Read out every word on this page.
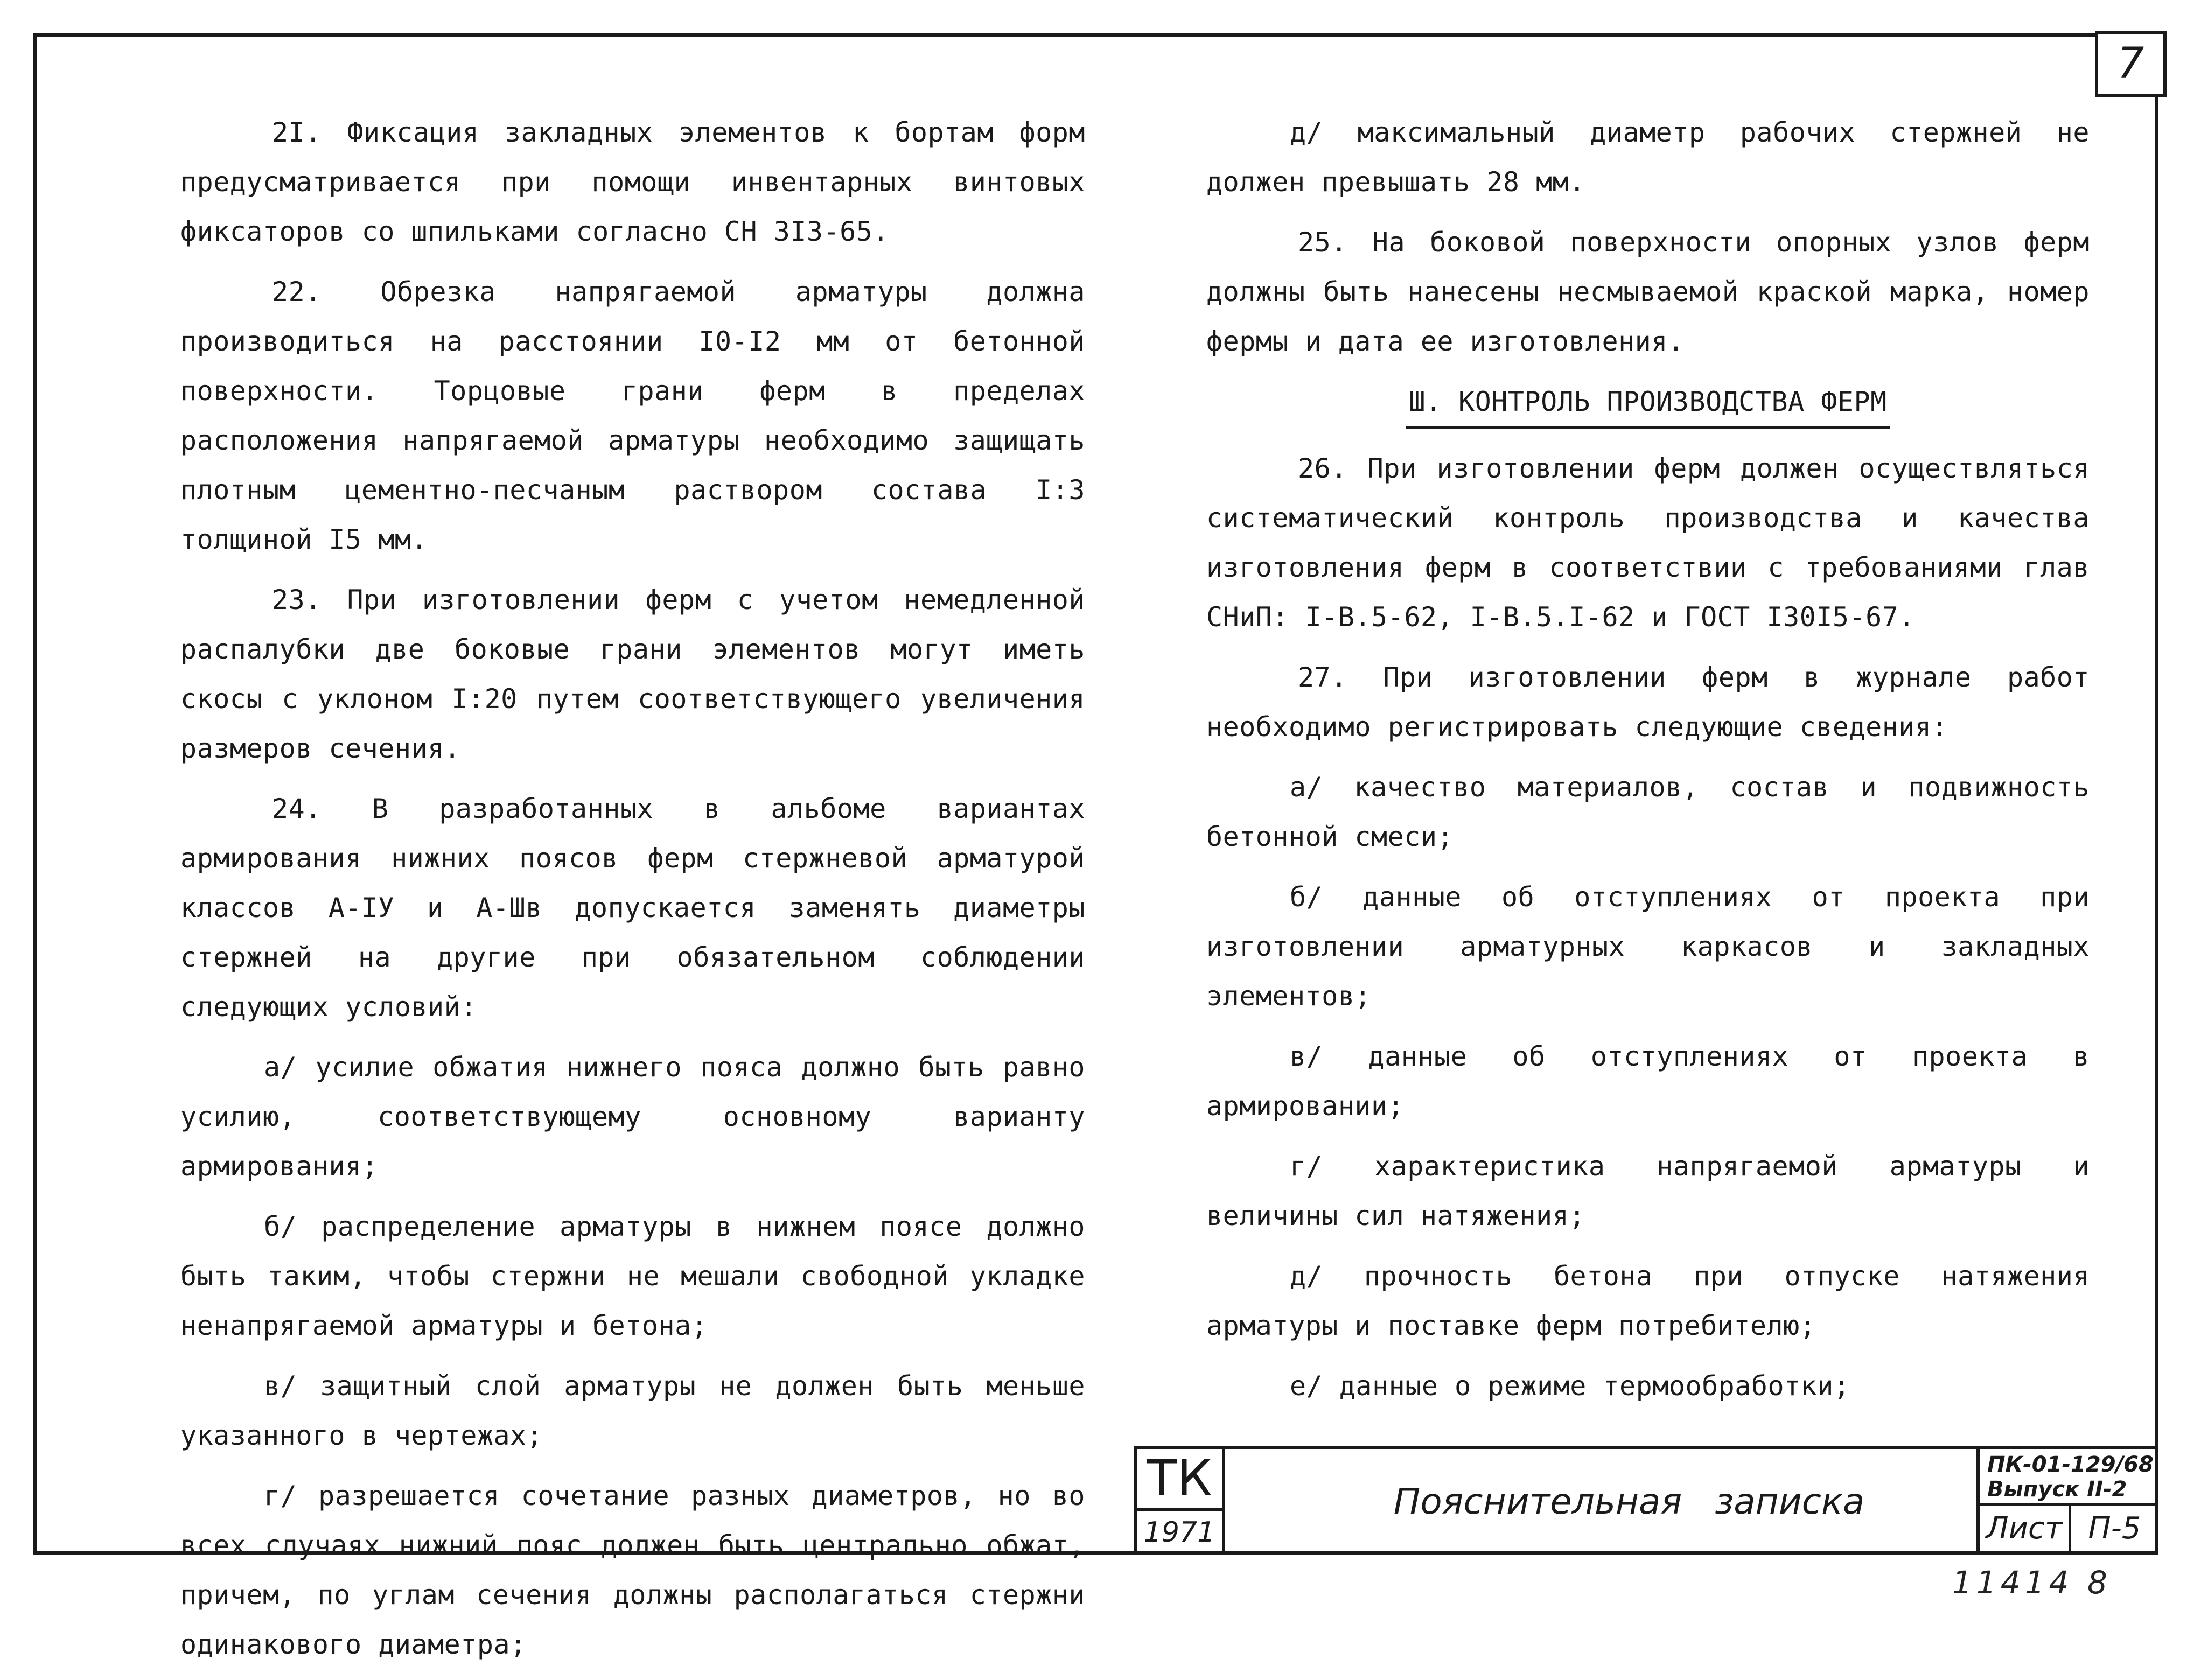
7

2I. Фиксация закладных элементов к бортам форм предусматривается при помощи инвентарных винтовых фиксаторов со шпильками согласно СН 3I3-65.

22. Обрезка напрягаемой арматуры должна производиться на расстоянии I0-I2 мм от бетонной поверхности. Торцовые грани ферм в пределах расположения напрягаемой арматуры необходимо защищать плотным цементно-песчаным раствором состава I:3 толщиной I5 мм.

23. При изготовлении ферм с учетом немедленной распалубки две боковые грани элементов могут иметь скосы с уклоном I:20 путем соответствующего увеличения размеров сечения.

24. В разработанных в альбоме вариантах армирования нижних поясов ферм стержневой арматурой классов А-IУ и А-Шв допускается заменять диаметры стержней на другие при обязательном соблюдении следующих условий:

а/ усилие обжатия нижнего пояса должно быть равно усилию, соответствующему основному варианту армирования;

б/ распределение арматуры в нижнем поясе должно быть таким, чтобы стержни не мешали свободной укладке ненапрягаемой арматуры и бетона;

в/ защитный слой арматуры не должен быть меньше указанного в чертежах;

г/ разрешается сочетание разных диаметров, но во всех случаях нижний пояс должен быть центрально обжат, причем, по углам сечения должны располагаться стержни одинакового диаметра;

д/ максимальный диаметр рабочих стержней не должен превышать 28 мм.

25. На боковой поверхности опорных узлов ферм должны быть нанесены несмываемой краской марка, номер фермы и дата ее изготовления.

Ш. КОНТРОЛЬ ПРОИЗВОДСТВА ФЕРМ

26. При изготовлении ферм должен осуществляться систематический контроль производства и качества изготовления ферм в соответствии с требованиями глав СНиП: I-В.5-62, I-В.5.I-62 и ГОСТ I30I5-67.

27. При изготовлении ферм в журнале работ необходимо регистрировать следующие сведения:

а/ качество материалов, состав и подвижность бетонной смеси;

б/ данные об отступлениях от проекта при изготовлении арматурных каркасов и закладных элементов;

в/ данные об отступлениях от проекта в армировании;

г/ характеристика напрягаемой арматуры и величины сил натяжения;

д/ прочность бетона при отпуске натяжения арматуры и поставке ферм потребителю;

е/ данные о режиме термообработки;

ТК
1971
Пояснительная записка
ПК-01-129/68
Выпуск II-2
Лист П-5
11414 8
